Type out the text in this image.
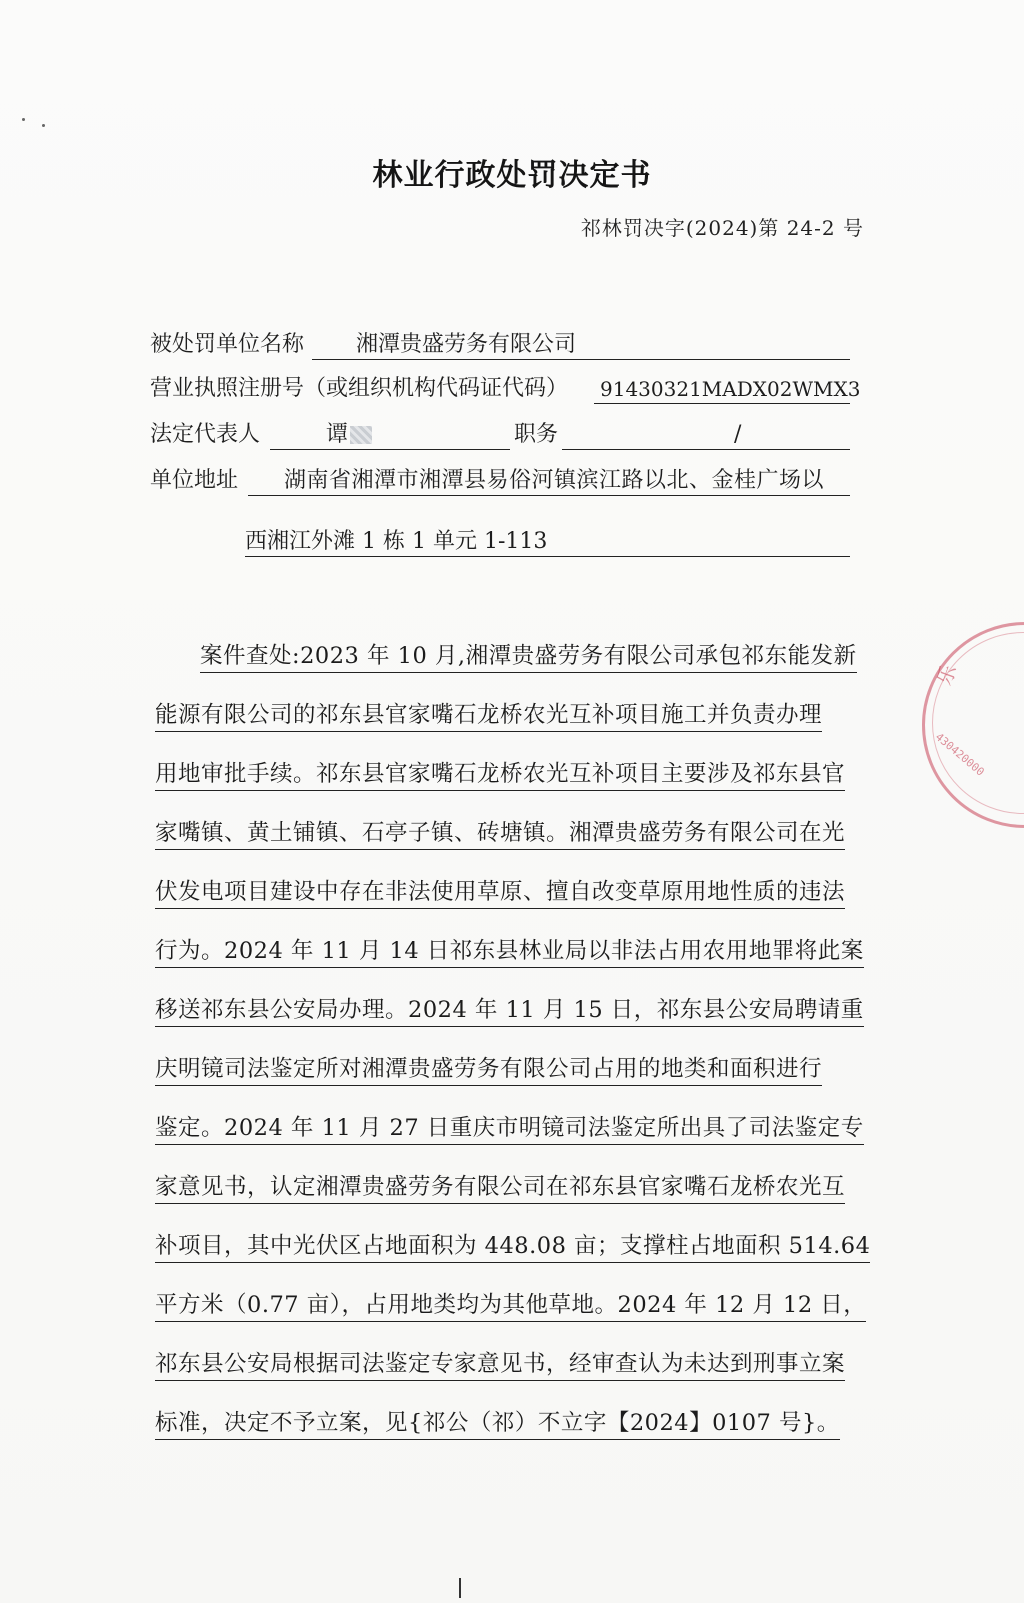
林业行政处罚决定书
祁林罚决字(2024)第 24-2 号
被处罚单位名称	湘潭贵盛劳务有限公司
营业执照注册号（或组织机构代码证代码）	91430321MADX02WMX3
法定代表人	谭	职务	/
单位地址	湖南省湘潭市湘潭县易俗河镇滨江路以北、金桂广场以
西湘江外滩 1 栋 1 单元 1-113
案件查处:2023 年 10 月,湘潭贵盛劳务有限公司承包祁东能发新
能源有限公司的祁东县官家嘴石龙桥农光互补项目施工并负责办理
用地审批手续。祁东县官家嘴石龙桥农光互补项目主要涉及祁东县官
家嘴镇、黄土铺镇、石亭子镇、砖塘镇。湘潭贵盛劳务有限公司在光
伏发电项目建设中存在非法使用草原、擅自改变草原用地性质的违法
行为。2024 年 11 月 14 日祁东县林业局以非法占用农用地罪将此案
移送祁东县公安局办理。2024 年 11 月 15 日，祁东县公安局聘请重
庆明镜司法鉴定所对湘潭贵盛劳务有限公司占用的地类和面积进行
鉴定。2024 年 11 月 27 日重庆市明镜司法鉴定所出具了司法鉴定专
家意见书，认定湘潭贵盛劳务有限公司在祁东县官家嘴石龙桥农光互
补项目，其中光伏区占地面积为 448.08 亩；支撑柱占地面积 514.64
平方米（0.77 亩），占用地类均为其他草地。2024 年 12 月 12 日，
祁东县公安局根据司法鉴定专家意见书，经审查认为未达到刑事立案
标准，决定不予立案，见{祁公（祁）不立字【2024】0107 号}。
乐
430420000
